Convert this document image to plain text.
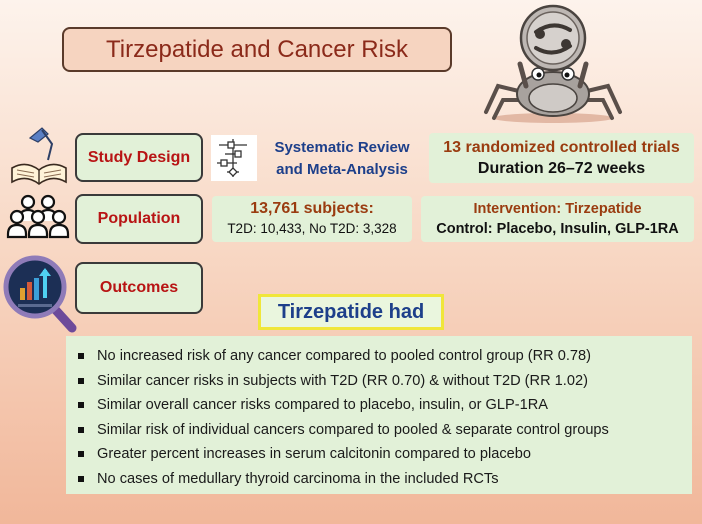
Tirzepatide and Cancer Risk
Study Design
Systematic Review
and Meta-Analysis
13 randomized controlled trials
Duration 26–72 weeks
Population
13,761 subjects:
T2D: 10,433, No T2D: 3,328
Intervention: Tirzepatide
Control: Placebo, Insulin, GLP-1RA
Outcomes
Tirzepatide had
No increased risk of any cancer compared to pooled control group (RR 0.78)
Similar cancer risks in subjects with T2D (RR 0.70) & without T2D (RR 1.02)
Similar overall cancer risks compared to placebo, insulin, or GLP-1RA
Similar risk of individual cancers compared to pooled & separate control groups
Greater percent increases in serum calcitonin compared to placebo
No cases of medullary thyroid carcinoma in the included RCTs
